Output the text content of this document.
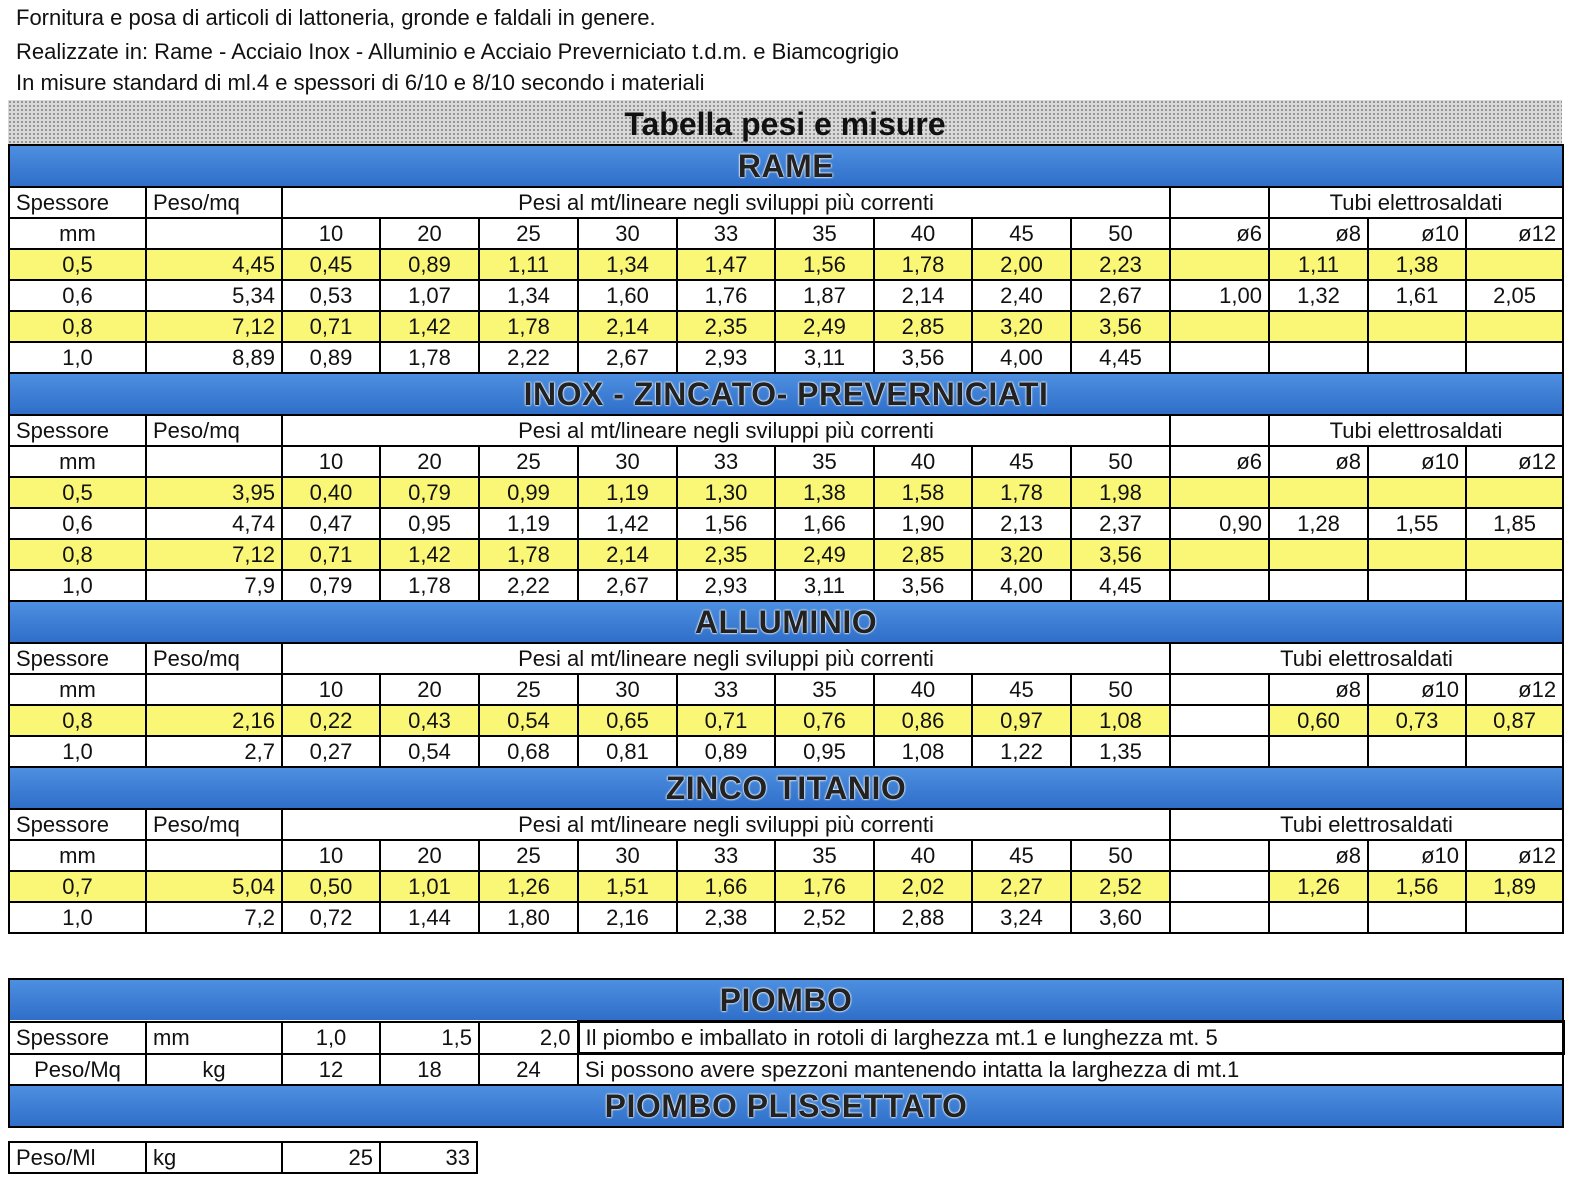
Fornitura e posa di articoli di lattoneria, gronde e faldali in genere.
Realizzate in: Rame - Acciaio Inox - Alluminio e Acciaio Preverniciato t.d.m. e Biamcogrigio
In misure standard di ml.4 e spessori di 6/10 e 8/10 secondo i materiali
Tabella pesi e misure
RAME														
Spessore	Peso/mq	Pesi al mt/lineare negli sviluppi più correnti										Tubi elettrosaldati		
mm		10	20	25	30	33	35	40	45	50	ø6	ø8	ø10	ø12
0,5	4,45	0,45	0,89	1,11	1,34	1,47	1,56	1,78	2,00	2,23		1,11	1,38	
0,6	5,34	0,53	1,07	1,34	1,60	1,76	1,87	2,14	2,40	2,67	1,00	1,32	1,61	2,05
0,8	7,12	0,71	1,42	1,78	2,14	2,35	2,49	2,85	3,20	3,56				
1,0	8,89	0,89	1,78	2,22	2,67	2,93	3,11	3,56	4,00	4,45				
INOX - ZINCATO- PREVERNICIATI														
Spessore	Peso/mq	Pesi al mt/lineare negli sviluppi più correnti										Tubi elettrosaldati		
mm		10	20	25	30	33	35	40	45	50	ø6	ø8	ø10	ø12
0,5	3,95	0,40	0,79	0,99	1,19	1,30	1,38	1,58	1,78	1,98				
0,6	4,74	0,47	0,95	1,19	1,42	1,56	1,66	1,90	2,13	2,37	0,90	1,28	1,55	1,85
0,8	7,12	0,71	1,42	1,78	2,14	2,35	2,49	2,85	3,20	3,56				
1,0	7,9	0,79	1,78	2,22	2,67	2,93	3,11	3,56	4,00	4,45				
ALLUMINIO														
Spessore	Peso/mq	Pesi al mt/lineare negli sviluppi più correnti									Tubi elettrosaldati			
mm		10	20	25	30	33	35	40	45	50		ø8	ø10	ø12
0,8	2,16	0,22	0,43	0,54	0,65	0,71	0,76	0,86	0,97	1,08		0,60	0,73	0,87
1,0	2,7	0,27	0,54	0,68	0,81	0,89	0,95	1,08	1,22	1,35				
ZINCO TITANIO														
Spessore	Peso/mq	Pesi al mt/lineare negli sviluppi più correnti									Tubi elettrosaldati			
mm		10	20	25	30	33	35	40	45	50		ø8	ø10	ø12
0,7	5,04	0,50	1,01	1,26	1,51	1,66	1,76	2,02	2,27	2,52		1,26	1,56	1,89
1,0	7,2	0,72	1,44	1,80	2,16	2,38	2,52	2,88	3,24	3,60				
PIOMBO					
Spessore	mm	1,0	1,5	2,0	Il piombo e imballato in rotoli di larghezza mt.1 e lunghezza mt. 5
Peso/Mq	kg	12	18	24	Si possono avere spezzoni mantenendo intatta la larghezza di mt.1
PIOMBO PLISSETTATO					
Peso/Ml	kg	25	33
